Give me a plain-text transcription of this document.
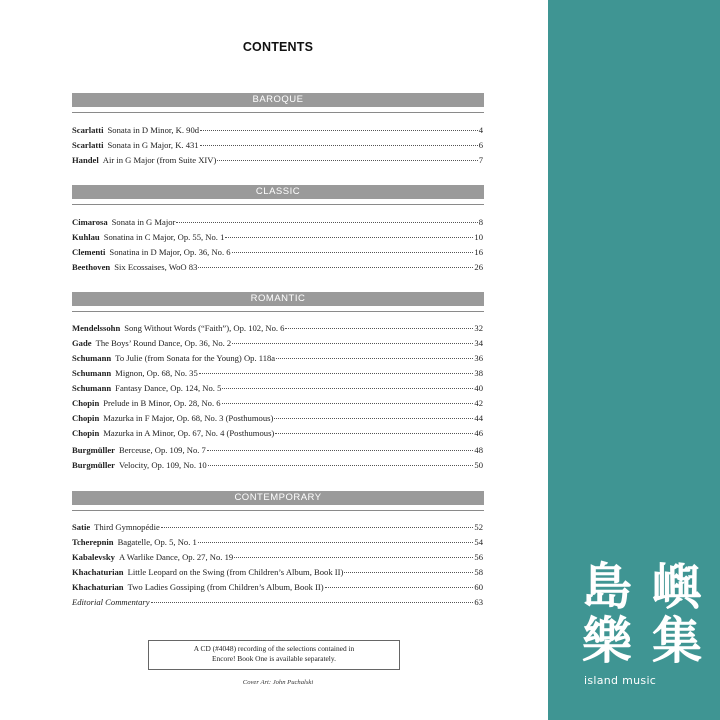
CONTENTS
BAROQUE
Scarlatti Sonata in D Minor, K. 90d	4
Scarlatti Sonata in G Major, K. 431	6
Handel Air in G Major (from Suite XIV)	7
CLASSIC
Cimarosa Sonata in G Major	8
Kuhlau Sonatina in C Major, Op. 55, No. 1	10
Clementi Sonatina in D Major, Op. 36, No. 6	16
Beethoven Six Ecossaises, WoO 83	26
ROMANTIC
Mendelssohn Song Without Words (“Faith”), Op. 102, No. 6	32
Gade The Boys’ Round Dance, Op. 36, No. 2	34
Schumann To Julie (from Sonata for the Young) Op. 118a	36
Schumann Mignon, Op. 68, No. 35	38
Schumann Fantasy Dance, Op. 124, No. 5	40
Chopin Prelude in B Minor, Op. 28, No. 6	42
Chopin Mazurka in F Major, Op. 68, No. 3 (Posthumous)	44
Chopin Mazurka in A Minor, Op. 67, No. 4 (Posthumous)	46
Burgmüller Berceuse, Op. 109, No. 7	48
Burgmüller Velocity, Op. 109, No. 10	50
CONTEMPORARY
Satie Third Gymnopédie	52
Tcherepnin Bagatelle, Op. 5, No. 1	54
Kabalevsky A Warlike Dance, Op. 27, No. 19	56
Khachaturian Little Leopard on the Swing (from Children’s Album, Book II)	58
Khachaturian Two Ladies Gossiping (from Children’s Album, Book II)	60
Editorial Commentary	63
A CD (#4048) recording of the selections contained in
Encore! Book One is available separately.
Cover Art: John Puchalski
島 嶼
樂 集
island music
